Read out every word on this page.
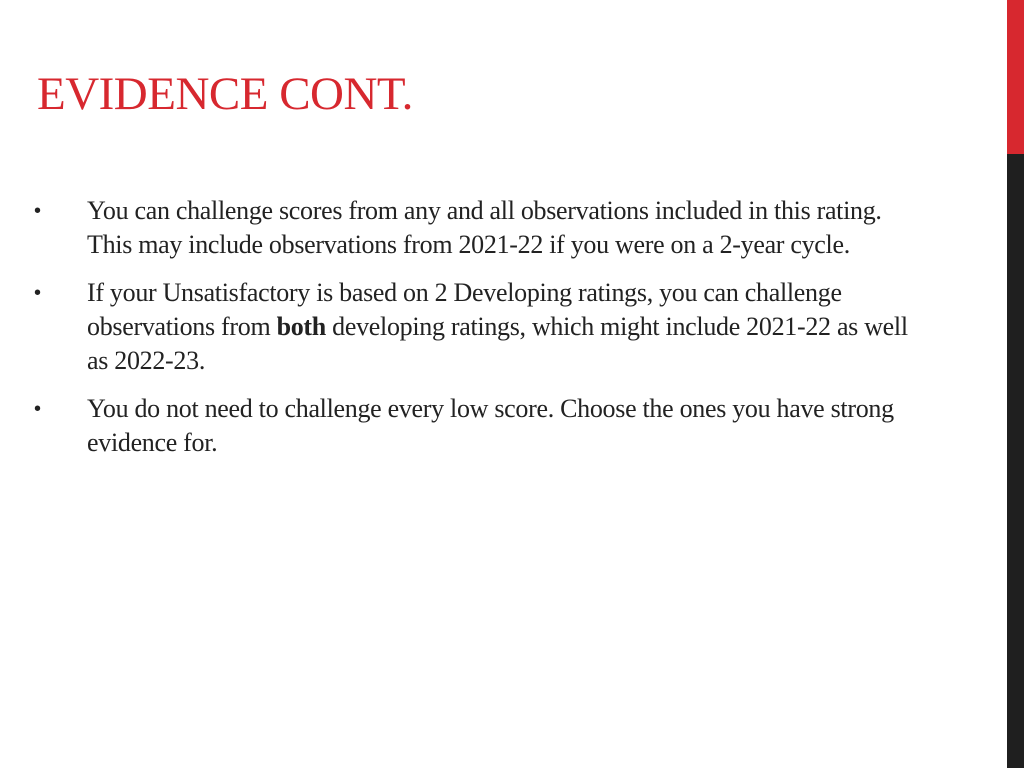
EVIDENCE CONT.
• You can challenge scores from any and all observations included in this rating. This may include observations from 2021-22 if you were on a 2-year cycle.
• If your Unsatisfactory is based on 2 Developing ratings, you can challenge observations from both developing ratings, which might include 2021-22 as well as 2022-23.
• You do not need to challenge every low score. Choose the ones you have strong evidence for.
